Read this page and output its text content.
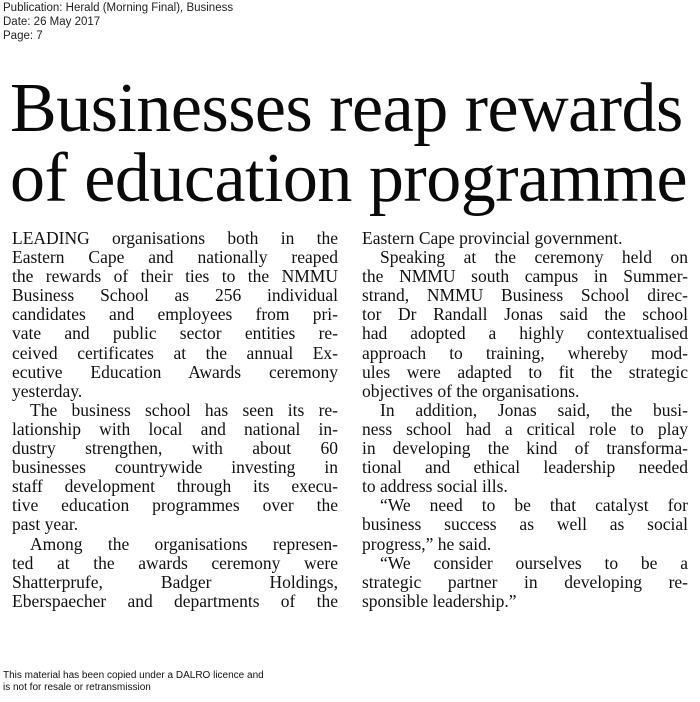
Publication: Herald (Morning Final), Business
Date: 26 May 2017
Page: 7
Businesses reap rewards
of education programme
LEADING organisations both in the
Eastern Cape and nationally reaped
the rewards of their ties to the NMMU
Business School as 256 individual
candidates and employees from pri-
vate and public sector entities re-
ceived certificates at the annual Ex-
ecutive Education Awards ceremony
yesterday.
The business school has seen its re-
lationship with local and national in-
dustry strengthen, with about 60
businesses countrywide investing in
staff development through its execu-
tive education programmes over the
past year.
Among the organisations represen-
ted at the awards ceremony were
Shatterprufe, Badger Holdings,
Eberspaecher and departments of the
Eastern Cape provincial government.
Speaking at the ceremony held on
the NMMU south campus in Summer-
strand, NMMU Business School direc-
tor Dr Randall Jonas said the school
had adopted a highly contextualised
approach to training, whereby mod-
ules were adapted to fit the strategic
objectives of the organisations.
In addition, Jonas said, the busi-
ness school had a critical role to play
in developing the kind of transforma-
tional and ethical leadership needed
to address social ills.
“We need to be that catalyst for
business success as well as social
progress,” he said.
“We consider ourselves to be a
strategic partner in developing re-
sponsible leadership.”
This material has been copied under a DALRO licence and
is not for resale or retransmission
